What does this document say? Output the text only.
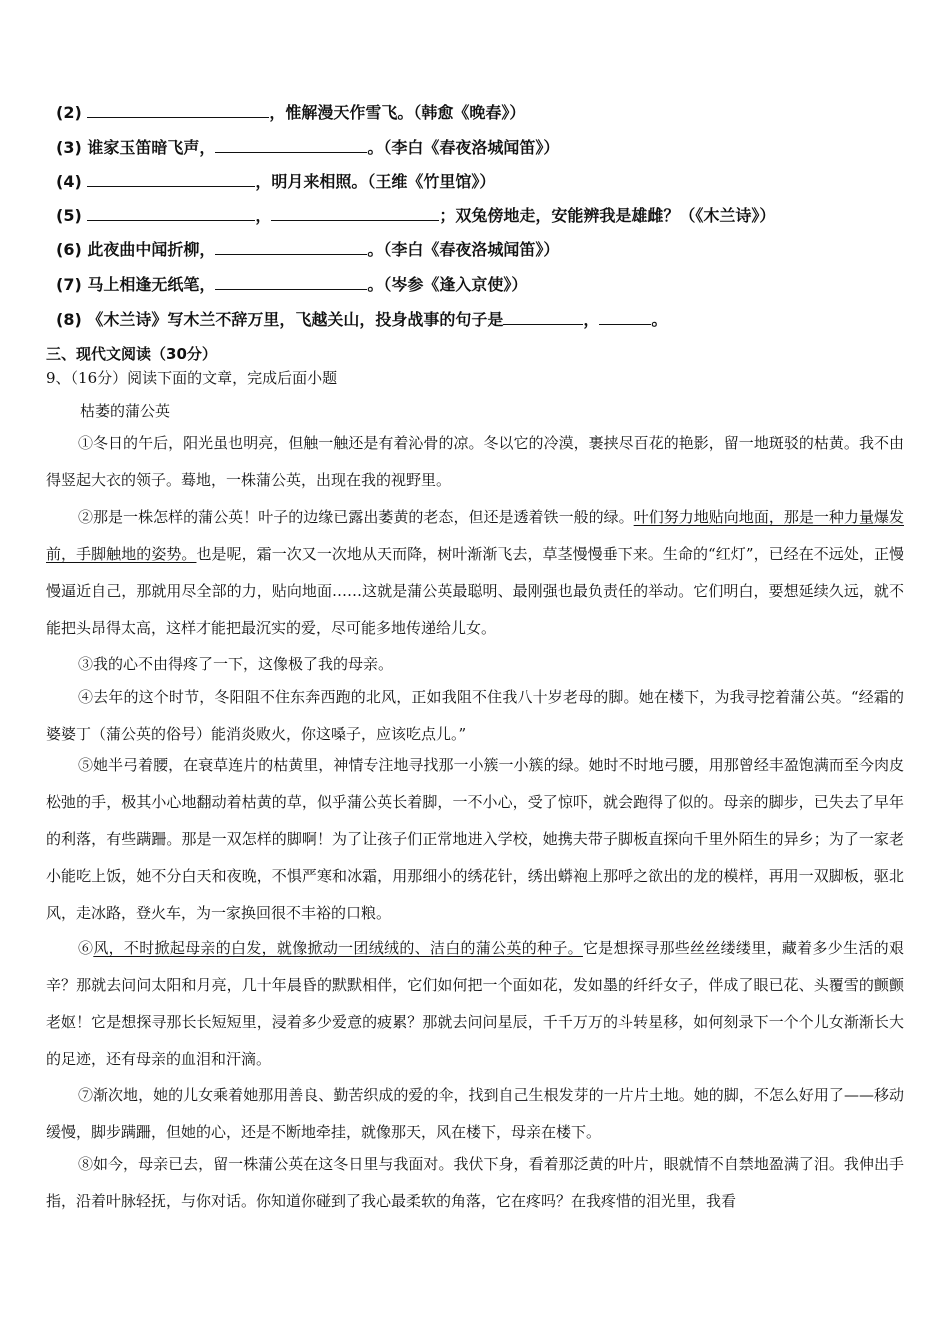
(2)	，惟解漫天作雪飞。（韩愈《晚春》）
(3) 谁家玉笛暗飞声，	。（李白《春夜洛城闻笛》）
(4)	，明月来相照。（王维《竹里馆》）
(5)	，	；双兔傍地走，安能辨我是雄雌？（《木兰诗》）
(6) 此夜曲中闻折柳，	。（李白《春夜洛城闻笛》）
(7) 马上相逢无纸笔，	。（岑参《逢入京使》）
(8) 《木兰诗》写木兰不辞万里，飞越关山，投身战事的句子是	，	。
三、现代文阅读（30分）
9、（16分）阅读下面的文章，完成后面小题
枯萎的蒲公英

①冬日的午后，阳光虽也明亮，但触一触还是有着沁骨的凉。冬以它的冷漠，裹挟尽百花的艳影，留一地斑驳的枯黄。我不由得竖起大衣的领子。蓦地，一株蒲公英，出现在我的视野里。

②那是一株怎样的蒲公英！叶子的边缘已露出萎黄的老态，但还是透着铁一般的绿。叶们努力地贴向地面，那是一种力量爆发前，手脚触地的姿势。也是呢，霜一次又一次地从天而降，树叶渐渐飞去，草茎慢慢垂下来。生命的“红灯”，已经在不远处，正慢慢逼近自己，那就用尽全部的力，贴向地面……这就是蒲公英最聪明、最刚强也最负责任的举动。它们明白，要想延续久远，就不能把头昂得太高，这样才能把最沉实的爱，尽可能多地传递给儿女。

③我的心不由得疼了一下，这像极了我的母亲。

④去年的这个时节，冬阳阻不住东奔西跑的北风，正如我阻不住我八十岁老母的脚。她在楼下，为我寻挖着蒲公英。“经霜的婆婆丁（蒲公英的俗号）能消炎败火，你这嗓子，应该吃点儿。”

⑤她半弓着腰，在衰草连片的枯黄里，神情专注地寻找那一小簇一小簇的绿。她时不时地弓腰，用那曾经丰盈饱满而至今肉皮松弛的手，极其小心地翻动着枯黄的草，似乎蒲公英长着脚，一不小心，受了惊吓，就会跑得了似的。母亲的脚步，已失去了早年的利落，有些蹒跚。那是一双怎样的脚啊！为了让孩子们正常地进入学校，她携夫带子脚板直探向千里外陌生的异乡；为了一家老小能吃上饭，她不分白天和夜晚，不惧严寒和冰霜，用那细小的绣花针，绣出蟒袍上那呼之欲出的龙的模样，再用一双脚板，驱北风，走冰路，登火车，为一家换回很不丰裕的口粮。

⑥风，不时掀起母亲的白发，就像掀动一团绒绒的、洁白的蒲公英的种子。它是想探寻那些丝丝缕缕里，藏着多少生活的艰辛？那就去问问太阳和月亮，几十年晨昏的默默相伴，它们如何把一个面如花，发如墨的纤纤女子，伴成了眼已花、头覆雪的颤颤老妪！它是想探寻那长长短短里，浸着多少爱意的疲累？那就去问问星辰，千千万万的斗转星移，如何刻录下一个个儿女渐渐长大的足迹，还有母亲的血泪和汗滴。

⑦渐次地，她的儿女乘着她那用善良、勤苦织成的爱的伞，找到自己生根发芽的一片片土地。她的脚，不怎么好用了——移动缓慢，脚步蹒跚，但她的心，还是不断地牵挂，就像那天，风在楼下，母亲在楼下。

⑧如今，母亲已去，留一株蒲公英在这冬日里与我面对。我伏下身，看着那泛黄的叶片，眼就情不自禁地盈满了泪。我伸出手指，沿着叶脉轻抚，与你对话。你知道你碰到了我心最柔软的角落，它在疼吗？在我疼惜的泪光里，我看
